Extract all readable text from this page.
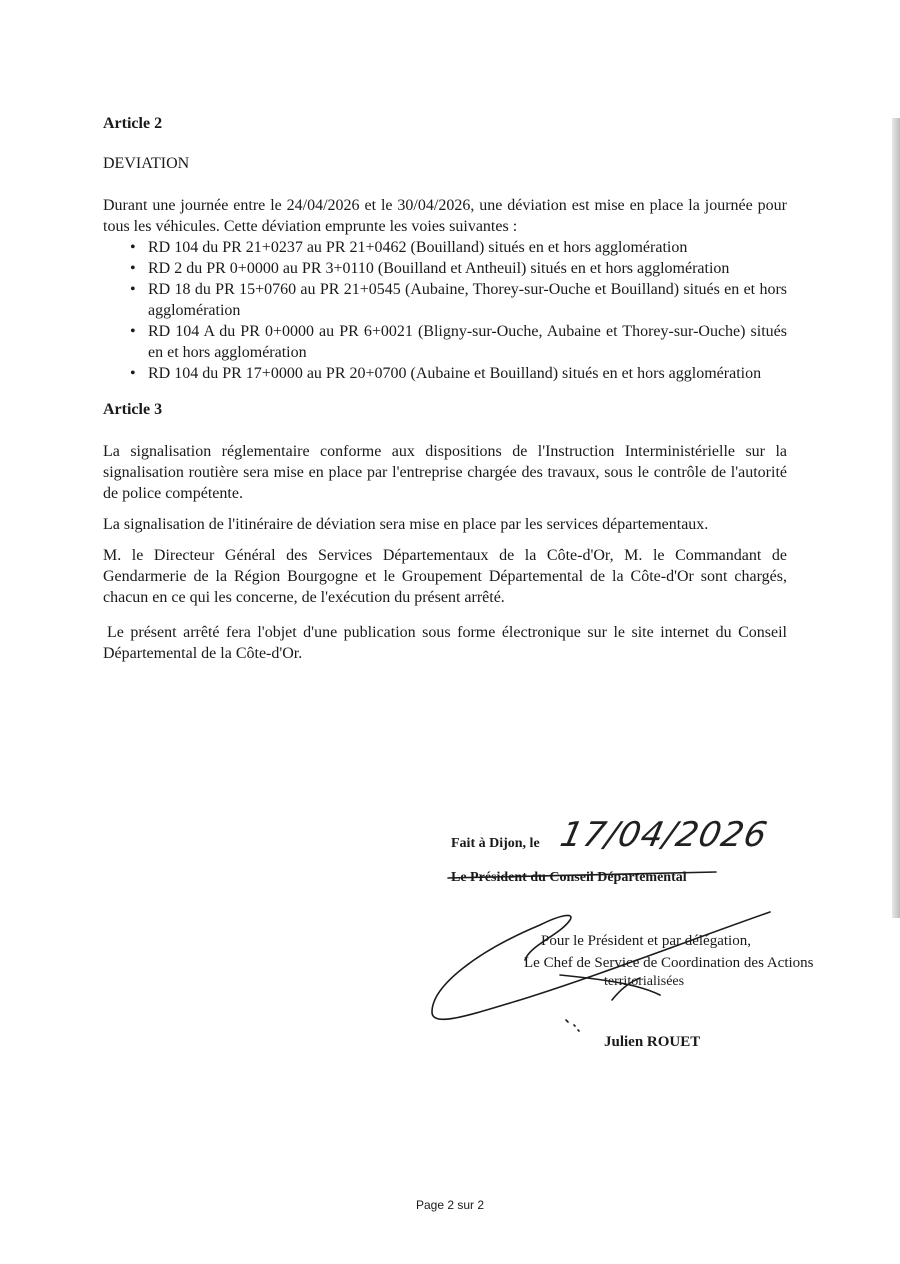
Article 2

DEVIATION

Durant une journée entre le 24/04/2026 et le 30/04/2026, une déviation est mise en place la journée pour tous les véhicules. Cette déviation emprunte les voies suivantes :

• RD 104 du PR 21+0237 au PR 21+0462 (Bouilland) situés en et hors agglomération
• RD 2 du PR 0+0000 au PR 3+0110 (Bouilland et Antheuil) situés en et hors agglomération
• RD 18 du PR 15+0760 au PR 21+0545 (Aubaine, Thorey-sur-Ouche et Bouilland) situés en et hors agglomération
• RD 104 A du PR 0+0000 au PR 6+0021 (Bligny-sur-Ouche, Aubaine et Thorey-sur-Ouche) situés en et hors agglomération
• RD 104 du PR 17+0000 au PR 20+0700 (Aubaine et Bouilland) situés en et hors agglomération

Article 3

La signalisation réglementaire conforme aux dispositions de l'Instruction Interministérielle sur la signalisation routière sera mise en place par l'entreprise chargée des travaux, sous le contrôle de l'autorité de police compétente.

La signalisation de l'itinéraire de déviation sera mise en place par les services départementaux.

M. le Directeur Général des Services Départementaux de la Côte-d'Or, M. le Commandant de Gendarmerie de la Région Bourgogne et le Groupement Départemental de la Côte-d'Or sont chargés, chacun en ce qui les concerne, de l'exécution du présent arrêté.

Le présent arrêté fera l'objet d'une publication sous forme électronique sur le site internet du Conseil Départemental de la Côte-d'Or.

Fait à Dijon, le 17/04/2026
Le Président du Conseil Départemental
Pour le Président et par délégation,
Le Chef de Service de Coordination des Actions
territorialisées
Julien ROUET
Page 2 sur 2
